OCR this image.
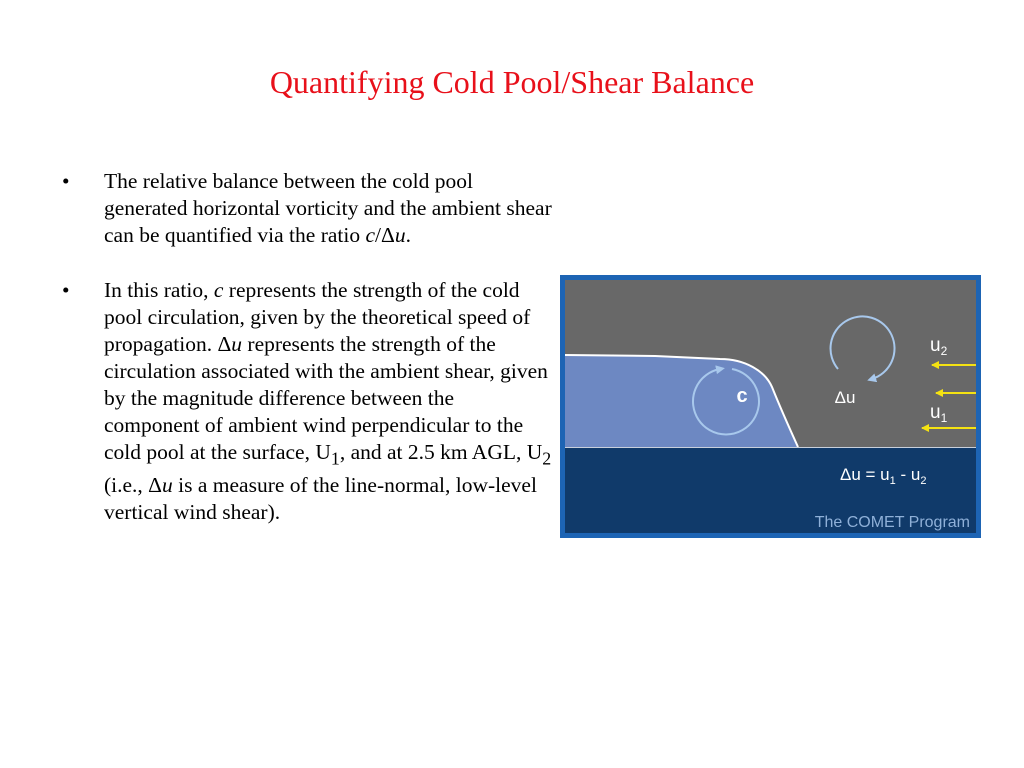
Quantifying Cold Pool/Shear Balance
• The relative balance between the cold pool generated horizontal vorticity and the ambient shear can be quantified via the ratio c/Δu.
• In this ratio, c represents the strength of the cold pool circulation, given by the theoretical speed of propagation. Δu represents the strength of the circulation associated with the ambient shear, given by the magnitude difference between the component of ambient wind perpendicular to the cold pool at the surface, $U_1$, and at 2.5 km AGL, $U_2$ (i.e., Δu is a measure of the line-normal, low-level vertical wind shear).
c	Δu
$u_2$
$u_1$
$\Delta u = u_1 - u_2$
The COMET Program
